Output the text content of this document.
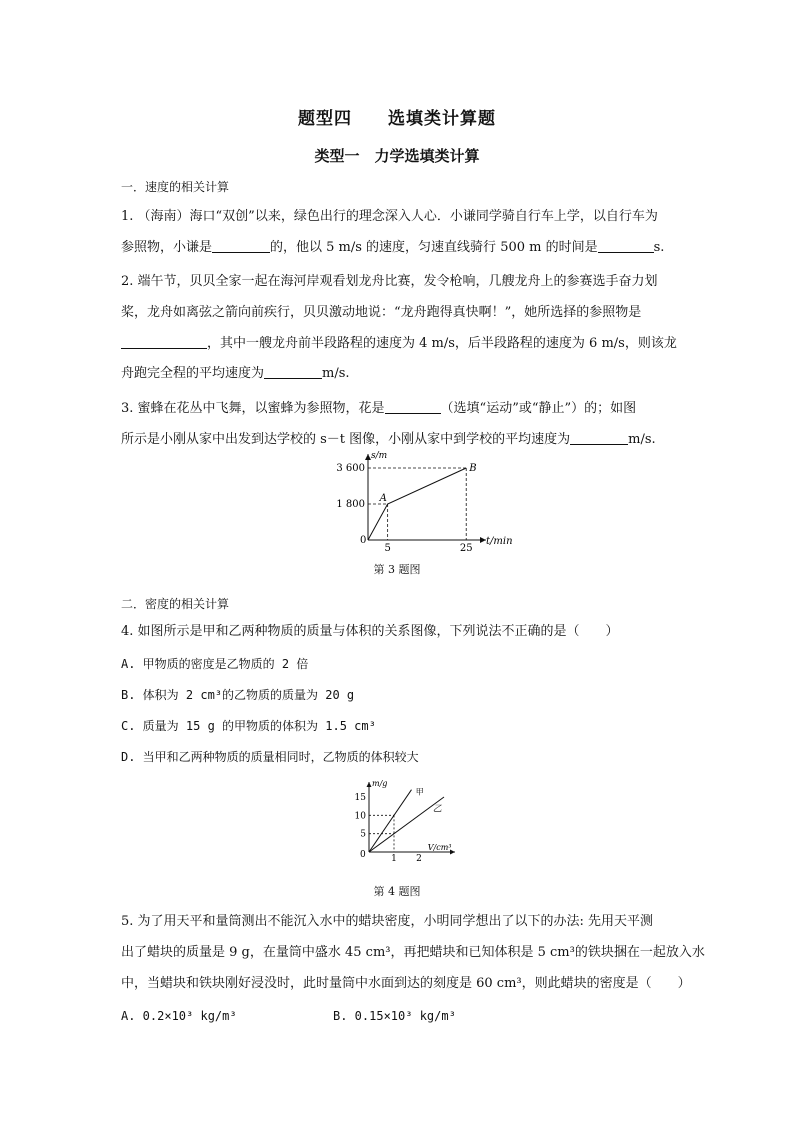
题型四　　选填类计算题
类型一　力学选填类计算
一．速度的相关计算
1. （海南）海口“双创”以来，绿色出行的理念深入人心．小谦同学骑自行车上学，以自行车为
参照物，小谦是	的，他以 5 m/s 的速度，匀速直线骑行 500 m 的时间是	s.
2. 端午节，贝贝全家一起在海河岸观看划龙舟比赛，发令枪响，几艘龙舟上的参赛选手奋力划
桨，龙舟如离弦之箭向前疾行，贝贝激动地说：“龙舟跑得真快啊！”，她所选择的参照物是
，其中一艘龙舟前半段路程的速度为 4 m/s，后半段路程的速度为 6 m/s，则该龙
舟跑完全程的平均速度为	m/s.
3. 蜜蜂在花丛中飞舞，以蜜蜂为参照物，花是	（选填“运动”或“静止”）的；如图
所示是小刚从家中出发到达学校的 s－t 图像，小刚从家中到学校的平均速度为	m/s.
s/m
t/min
0
A
B
1 800
3 600
5	25
第 3 题图
二．密度的相关计算
4. 如图所示是甲和乙两种物质的质量与体积的关系图像，下列说法不正确的是（　　）
A. 甲物质的密度是乙物质的 2 倍
B. 体积为 2 cm³的乙物质的质量为 20 g
C. 质量为 15 g 的甲物质的体积为 1.5 cm³
D. 当甲和乙两种物质的质量相同时，乙物质的体积较大
m/g
V/cm³
0
5
10
15
1 2
甲
乙
第 4 题图
5. 为了用天平和量筒测出不能沉入水中的蜡块密度，小明同学想出了以下的办法: 先用天平测
出了蜡块的质量是 9 g，在量筒中盛水 45 cm³，再把蜡块和已知体积是 5 cm³的铁块捆在一起放入水
中，当蜡块和铁块刚好浸没时，此时量筒中水面到达的刻度是 60 cm³，则此蜡块的密度是（　　）
A. 0.2×10³ kg/m³	B. 0.15×10³ kg/m³
